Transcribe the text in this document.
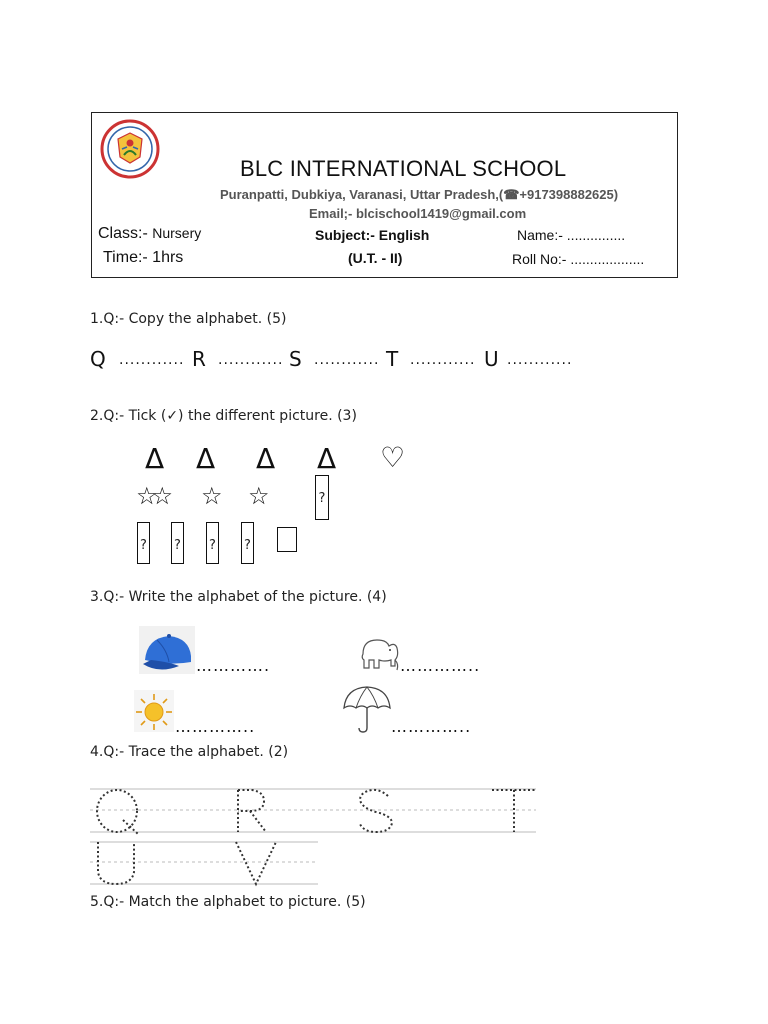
BLC INTERNATIONAL SCHOOL
Puranpatti, Dubkiya, Varanasi, Uttar Pradesh,(☎+917398882625)
Email;- blcischool1419@gmail.com
Class:- Nursery	Subject:- English	Name:- ...............
Time:- 1hrs	(U.T. - II)	Roll No:- ...................
1.Q:- Copy the alphabet. (5)
Q ............ R ............ S ............ T ............ U ............
2.Q:- Tick (✓) the different picture. (3)
Δ Δ Δ Δ ♡
☆☆ ☆ ☆	?
? ? ? ?
3.Q:- Write the alphabet of the picture. (4)
………….	…………..
…………..	…………..
4.Q:- Trace the alphabet. (2)
5.Q:- Match the alphabet to picture. (5)
